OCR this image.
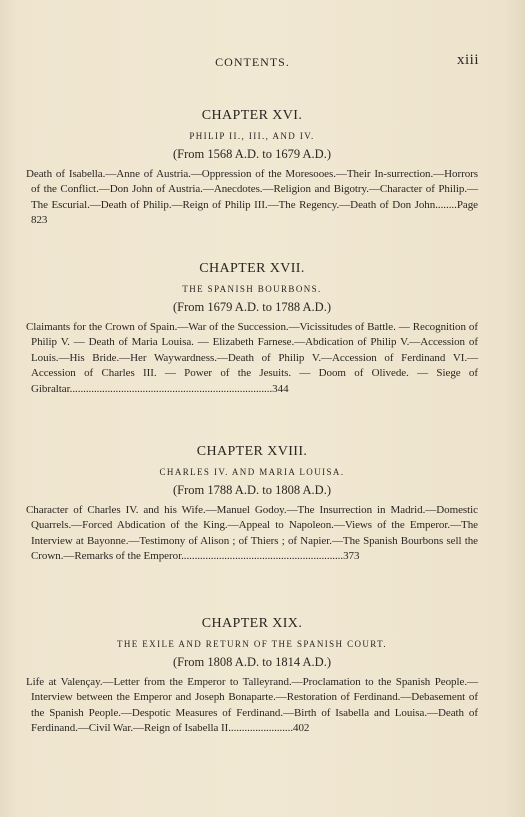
CONTENTS.	xiii
CHAPTER XVI.
PHILIP II., III., AND IV.
(From 1568 A.D. to 1679 A.D.)
Death of Isabella.—Anne of Austria.—Oppression of the Moresooes.—Their In-surrection.—Horrors of the Conflict.—Don John of Austria.—Anecdotes.—Religion and Bigotry.—Character of Philip.—The Escurial.—Death of Philip.—Reign of Philip III.—The Regency.—Death of Don John........Page 823
CHAPTER XVII.
THE SPANISH BOURBONS.
(From 1679 A.D. to 1788 A.D.)
Claimants for the Crown of Spain.—War of the Succession.—Vicissitudes of Battle. — Recognition of Philip V. — Death of Maria Louisa. — Elizabeth Farnese.—Abdication of Philip V.—Accession of Louis.—His Bride.—Her Waywardness.—Death of Philip V.—Accession of Ferdinand VI.—Accession of Charles III. — Power of the Jesuits. — Doom of Olivede. — Siege of Gibraltar...........................................................................344
CHAPTER XVIII.
CHARLES IV. AND MARIA LOUISA.
(From 1788 A.D. to 1808 A.D.)
Character of Charles IV. and his Wife.—Manuel Godoy.—The Insurrection in Madrid.—Domestic Quarrels.—Forced Abdication of the King.—Appeal to Napoleon.—Views of the Emperor.—The Interview at Bayonne.—Testimony of Alison ; of Thiers ; of Napier.—The Spanish Bourbons sell the Crown.—Remarks of the Emperor............................................................373
CHAPTER XIX.
THE EXILE AND RETURN OF THE SPANISH COURT.
(From 1808 A.D. to 1814 A.D.)
Life at Valençay.—Letter from the Emperor to Talleyrand.—Proclamation to the Spanish People.—Interview between the Emperor and Joseph Bonaparte.—Restoration of Ferdinand.—Debasement of the Spanish People.—Despotic Measures of Ferdinand.—Birth of Isabella and Louisa.—Death of Ferdinand.—Civil War.—Reign of Isabella II........................402
